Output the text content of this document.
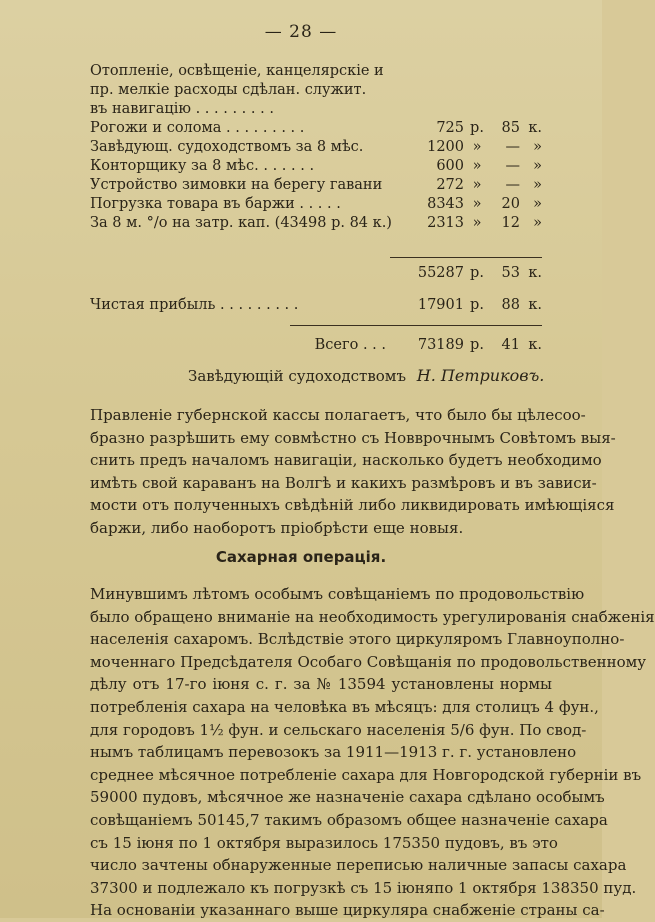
— 28 —
Отопленіе, освѣщеніе, канцелярскіе и
пр. мелкіе расходы сдѣлан. служит.
въ навигацію . . . . . . . . .
Рогожи и солома . . . . . . . . .	725 р.	85 к.
Завѣдующ. судоходствомъ за 8 мѣс.	1200 »	— »
Конторщику за 8 мѣс. . . . . . .	600 »	— »
Устройство зимовки на берегу гавани	272 »	— »
Погрузка товара въ баржи . . . . .	8343 »	20 »
За 8 м. °/o на затр. кап. (43498 р. 84 к.)	2313 »	12 »
55287 р.	53 к.
Чистая прибыль . . . . . . . . .	17901 р.	88 к.
Всего . . .	73189 р.	41 к.
Завѣдующій судоходствомъ Н. Петриковъ.
Правленіе губернской кассы полагаетъ, что было бы цѣлесоо-
бразно разрѣшить ему совмѣстно съ Новврочнымъ Совѣтомъ выя-
снить предъ началомъ навигаціи, насколько будетъ необходимо
имѣть свой караванъ на Волгѣ и какихъ размѣровъ и въ зависи-
мости отъ полученныхъ свѣдѣній либо ликвидировать имѣющіяся
баржи, либо наоборотъ пріобрѣсти еще новыя.
Сахарная операція.
Минувшимъ лѣтомъ особымъ совѣщаніемъ по продовольствію
было обращено вниманіе на необходимость урегулированія снабженія
населенія сахаромъ. Вслѣдствіе этого циркуляромъ Главноуполно-
моченнаго Предсѣдателя Особаго Совѣщанія по продовольственному
дѣлу отъ 17-го іюня с. г. за № 13594 установлены нормы
потребленія сахара на человѣка въ мѣсяцъ: для столицъ 4 фун.,
для городовъ 1½ фун. и сельскаго населенія 5/6 фун. По свод-
нымъ таблицамъ перевозокъ за 1911—1913 г. г. установлено
среднее мѣсячное потребленіе сахара для Новгородской губерніи въ
59000 пудовъ, мѣсячное же назначеніе сахара сдѣлано особымъ
совѣщаніемъ 50145,7 такимъ образомъ общее назначеніе сахара
съ 15 іюня по 1 октября выразилось 175350 пудовъ, въ это
число зачтены обнаруженные переписью наличные запасы сахара
37300 и подлежало къ погрузкѣ съ 15 іюняпо 1 октября 138350 пуд.
На основаніи указаннаго выше циркуляра снабженіе страны са-
